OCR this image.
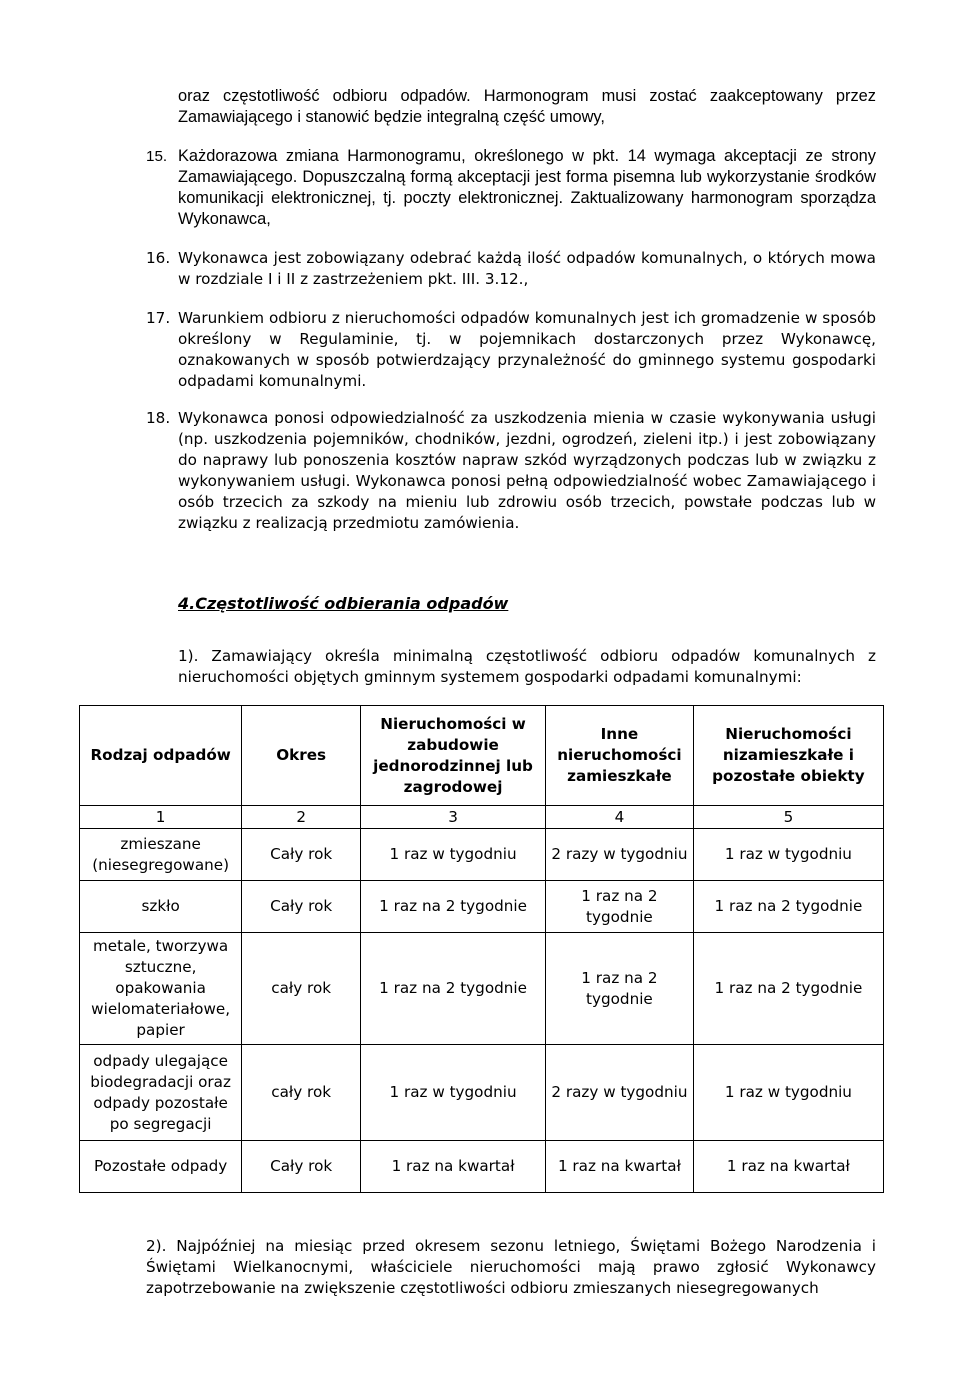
oraz częstotliwość odbioru odpadów. Harmonogram musi zostać zaakceptowany przez Zamawiającego i stanowić będzie integralną część umowy,

15. Każdorazowa zmiana Harmonogramu, określonego w pkt. 14 wymaga akceptacji ze strony Zamawiającego. Dopuszczalną formą akceptacji jest forma pisemna lub wykorzystanie środków komunikacji elektronicznej, tj. poczty elektronicznej. Zaktualizowany harmonogram sporządza Wykonawca,

16. Wykonawca jest zobowiązany odebrać każdą ilość odpadów komunalnych, o których mowa w rozdziale I i II z zastrzeżeniem pkt. III. 3.12.,

17. Warunkiem odbioru z nieruchomości odpadów komunalnych jest ich gromadzenie w sposób określony w Regulaminie, tj. w pojemnikach dostarczonych przez Wykonawcę, oznakowanych w sposób potwierdzający przynależność do gminnego systemu gospodarki odpadami komunalnymi.

18. Wykonawca ponosi odpowiedzialność za uszkodzenia mienia w czasie wykonywania usługi (np. uszkodzenia pojemników, chodników, jezdni, ogrodzeń, zieleni itp.) i jest zobowiązany do naprawy lub ponoszenia kosztów napraw szkód wyrządzonych podczas lub w związku z wykonywaniem usługi. Wykonawca ponosi pełną odpowiedzialność wobec Zamawiającego i osób trzecich za szkody na mieniu lub zdrowiu osób trzecich, powstałe podczas lub w związku z realizacją przedmiotu zamówienia.

4.Częstotliwość odbierania odpadów

1). Zamawiający określa minimalną częstotliwość odbioru odpadów komunalnych z nieruchomości objętych gminnym systemem gospodarki odpadami komunalnymi:

Rodzaj odpadów	Okres	Nieruchomości w zabudowie jednorodzinnej lub zagrodowej	Inne nieruchomości zamieszkałe	Nieruchomości nizamieszkałe i pozostałe obiekty
1	2	3	4	5
zmieszane (niesegregowane)	Cały rok	1 raz w tygodniu	2 razy w tygodniu	1 raz w tygodniu
szkło	Cały rok	1 raz na 2 tygodnie	1 raz na 2 tygodnie	1 raz na 2 tygodnie
metale, tworzywa sztuczne, opakowania wielomateriałowe, papier	cały rok	1 raz na 2 tygodnie	1 raz na 2 tygodnie	1 raz na 2 tygodnie
odpady ulegające biodegradacji oraz odpady pozostałe po segregacji	cały rok	1 raz w tygodniu	2 razy w tygodniu	1 raz w tygodniu
Pozostałe odpady	Cały rok	1 raz na kwartał	1 raz na kwartał	1 raz na kwartał

2). Najpóźniej na miesiąc przed okresem sezonu letniego, Świętami Bożego Narodzenia i Świętami Wielkanocnymi, właściciele nieruchomości mają prawo zgłosić Wykonawcy zapotrzebowanie na zwiększenie częstotliwości odbioru zmieszanych niesegregowanych
